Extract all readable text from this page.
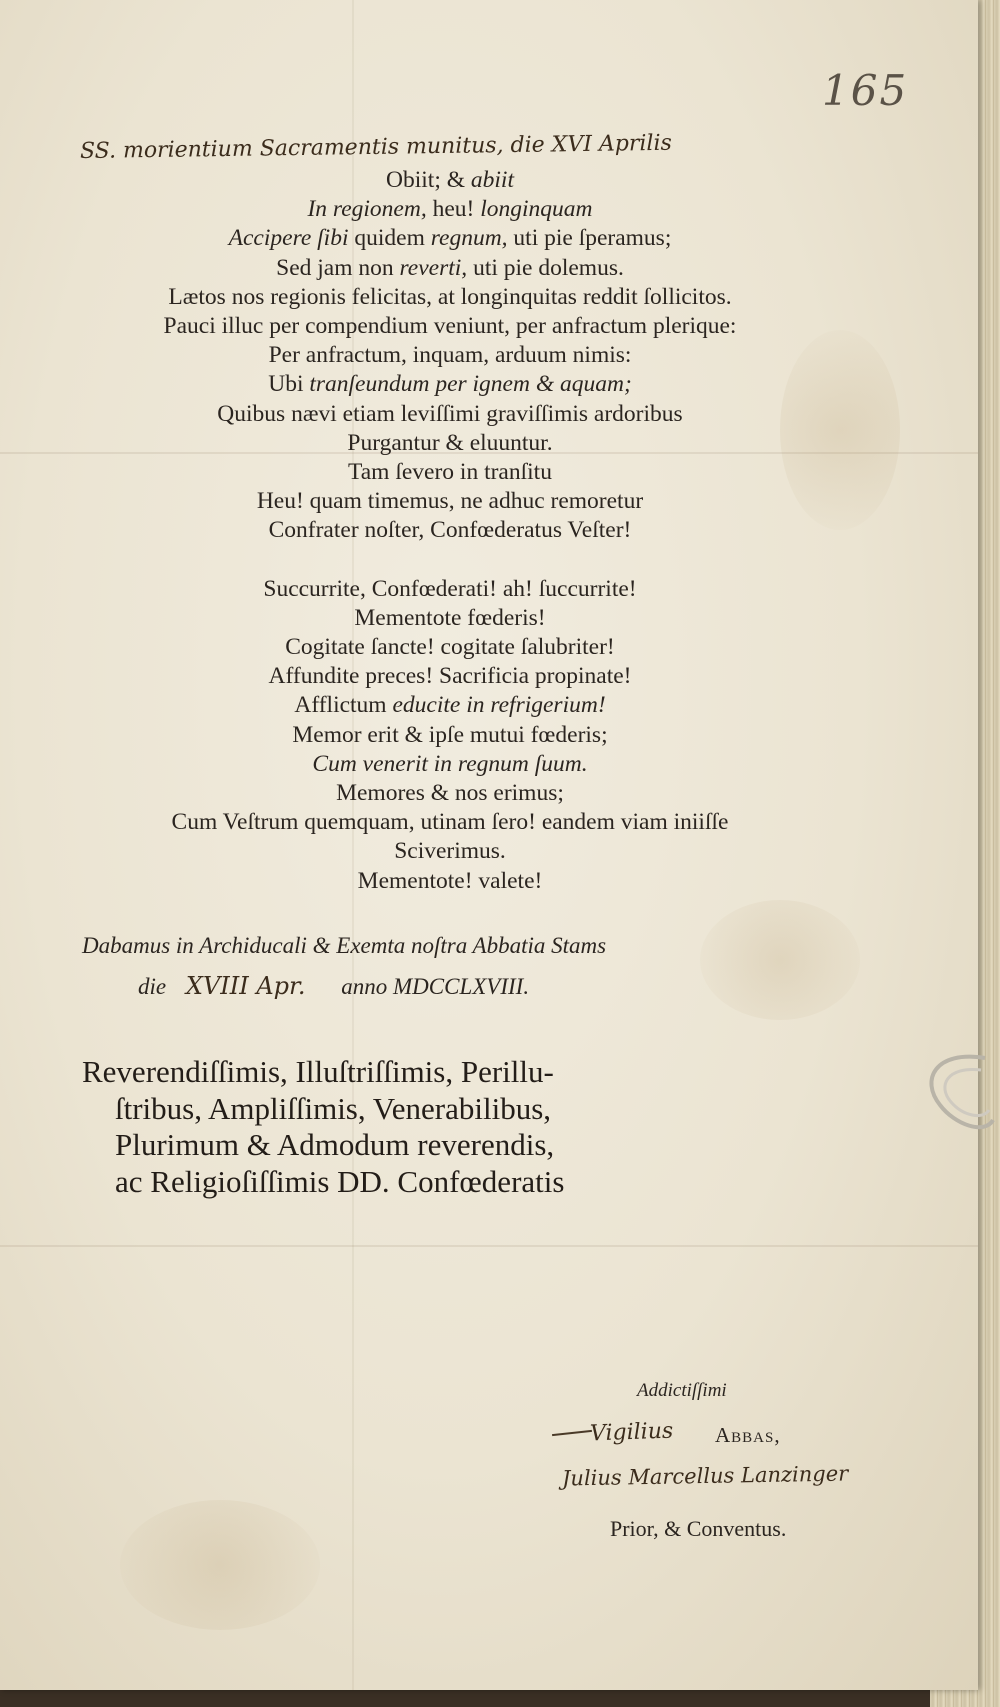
165

SS. morientium Sacramentis munitus, die XVI Aprilis

Obiit; & abiit

In regionem, heu! longinquam

Accipere ſibi quidem regnum, uti pie ſperamus;

Sed jam non reverti, uti pie dolemus.

Lætos nos regionis felicitas, at longinquitas reddit ſollicitos.

Pauci illuc per compendium veniunt, per anfractum plerique:

Per anfractum, inquam, arduum nimis:

Ubi tranſeundum per ignem & aquam;

Quibus nævi etiam leviſſimi graviſſimis ardoribus

Purgantur & eluuntur.

Tam ſevero in tranſitu

Heu! quam timemus, ne adhuc remoretur

Confrater noſter, Confœderatus Veſter!

Succurrite, Confœderati! ah! ſuccurrite!

Mementote fœderis!

Cogitate ſancte! cogitate ſalubriter!

Affundite preces! Sacrificia propinate!

Afflictum educite in refrigerium!

Memor erit & ipſe mutui fœderis;

Cum venerit in regnum ſuum.

Memores & nos erimus;

Cum Veſtrum quemquam, utinam ſero! eandem viam iniiſſe

Sciverimus.

Mementote! valete!

Dabamus in Archiducali & Exemta noſtra Abbatia Stams

die XVIII Apr. anno MDCCLXVIII.

Reverendiſſimis, Illuſtriſſimis, Perillu-

ſtribus, Ampliſſimis, Venerabilibus,

Plurimum & Admodum reverendis,

ac Religioſiſſimis DD. Confœderatis

Addictiſſimi

Vigilius Abbas,

Julius Marcellus Lanzinger

Prior, & Conventus.
